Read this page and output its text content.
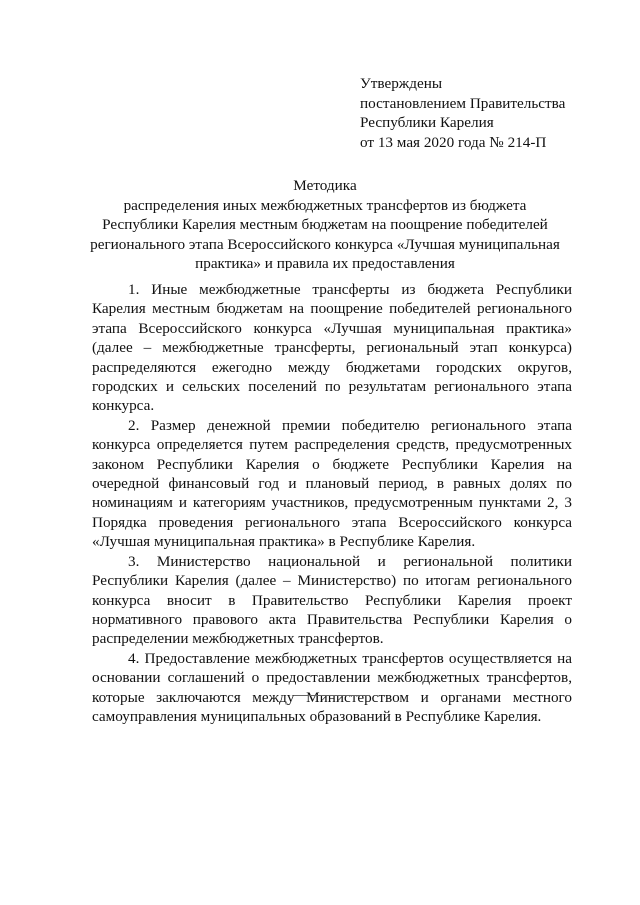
Утверждены
постановлением Правительства
Республики Карелия
от 13 мая 2020 года № 214-П
Методика
распределения иных межбюджетных трансфертов из бюджета
Республики Карелия местным бюджетам на поощрение победителей
регионального этапа Всероссийского конкурса «Лучшая муниципальная
практика» и правила их предоставления

1. Иные межбюджетные трансферты из бюджета Республики Карелия местным бюджетам на поощрение победителей регионального этапа Всероссийского конкурса «Лучшая муниципальная практика» (далее – межбюджетные трансферты, региональный этап конкурса) распределяются ежегодно между бюджетами городских округов, городских и сельских поселений по результатам регионального этапа конкурса.

2. Размер денежной премии победителю регионального этапа конкурса определяется путем распределения средств, предусмотренных законом Республики Карелия о бюджете Республики Карелия на очередной финансовый год и плановый период, в равных долях по номинациям и категориям участников, предусмотренным пунктами 2, 3 Порядка проведения регионального этапа Всероссийского конкурса «Лучшая муниципальная практика» в Республике Карелия.

3. Министерство национальной и региональной политики Республики Карелия (далее – Министерство) по итогам регионального конкурса вносит в Правительство Республики Карелия проект нормативного правового акта Правительства Республики Карелия о распределении межбюджетных трансфертов.

4. Предоставление межбюджетных трансфертов осуществляется на основании соглашений о предоставлении межбюджетных трансфертов, которые заключаются между Министерством и органами местного самоуправления муниципальных образований в Республике Карелия.
